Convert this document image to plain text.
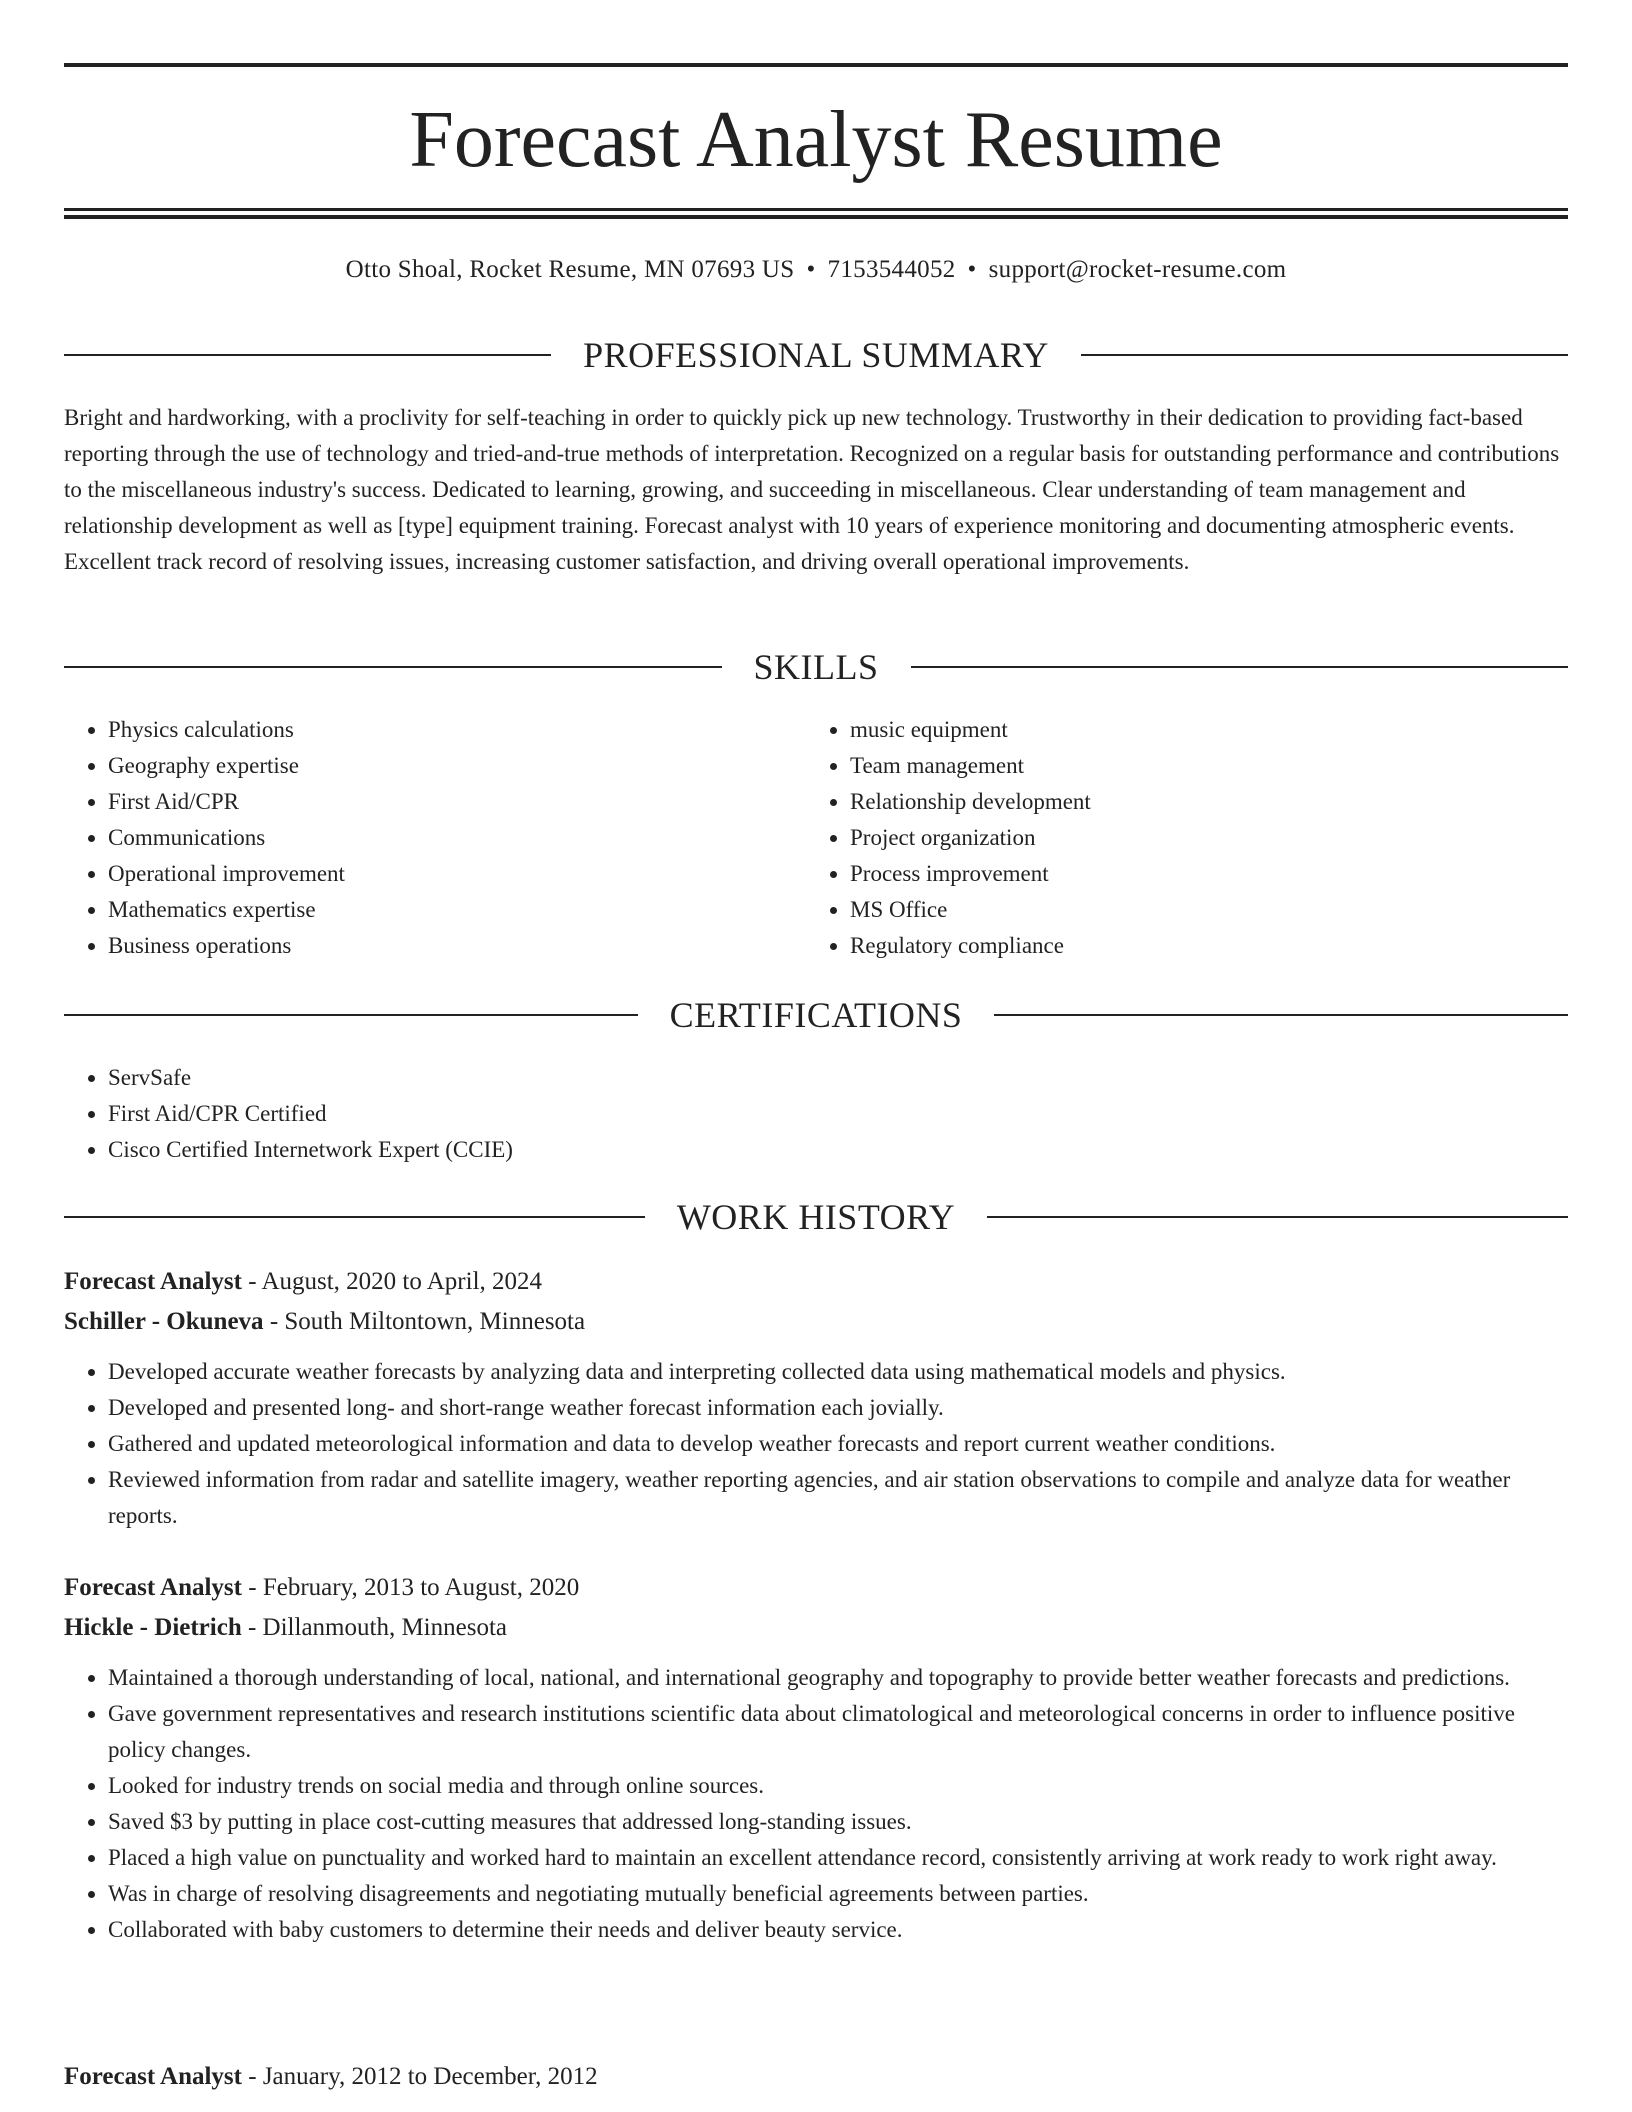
Forecast Analyst Resume
Otto Shoal, Rocket Resume, MN 07693 US • 7153544052 • support@rocket-resume.com
PROFESSIONAL SUMMARY

Bright and hardworking, with a proclivity for self-teaching in order to quickly pick up new technology. Trustworthy in their dedication to providing fact-based reporting through the use of technology and tried-and-true methods of interpretation. Recognized on a regular basis for outstanding performance and contributions to the miscellaneous industry's success. Dedicated to learning, growing, and succeeding in miscellaneous. Clear understanding of team management and relationship development as well as [type] equipment training. Forecast analyst with 10 years of experience monitoring and documenting atmospheric events. Excellent track record of resolving issues, increasing customer satisfaction, and driving overall operational improvements.

SKILLS
• Physics calculations
• Geography expertise
• First Aid/CPR
• Communications
• Operational improvement
• Mathematics expertise
• Business operations
• music equipment
• Team management
• Relationship development
• Project organization
• Process improvement
• MS Office
• Regulatory compliance
CERTIFICATIONS
• ServSafe
• First Aid/CPR Certified
• Cisco Certified Internetwork Expert (CCIE)
WORK HISTORY
Forecast Analyst - August, 2020 to April, 2024
Schiller - Okuneva - South Miltontown, Minnesota
• Developed accurate weather forecasts by analyzing data and interpreting collected data using mathematical models and physics.
• Developed and presented long- and short-range weather forecast information each jovially.
• Gathered and updated meteorological information and data to develop weather forecasts and report current weather conditions.
• Reviewed information from radar and satellite imagery, weather reporting agencies, and air station observations to compile and analyze data for weather reports.
Forecast Analyst - February, 2013 to August, 2020
Hickle - Dietrich - Dillanmouth, Minnesota
• Maintained a thorough understanding of local, national, and international geography and topography to provide better weather forecasts and predictions.
• Gave government representatives and research institutions scientific data about climatological and meteorological concerns in order to influence positive policy changes.
• Looked for industry trends on social media and through online sources.
• Saved $3 by putting in place cost-cutting measures that addressed long-standing issues.
• Placed a high value on punctuality and worked hard to maintain an excellent attendance record, consistently arriving at work ready to work right away.
• Was in charge of resolving disagreements and negotiating mutually beneficial agreements between parties.
• Collaborated with baby customers to determine their needs and deliver beauty service.
Forecast Analyst - January, 2012 to December, 2012
